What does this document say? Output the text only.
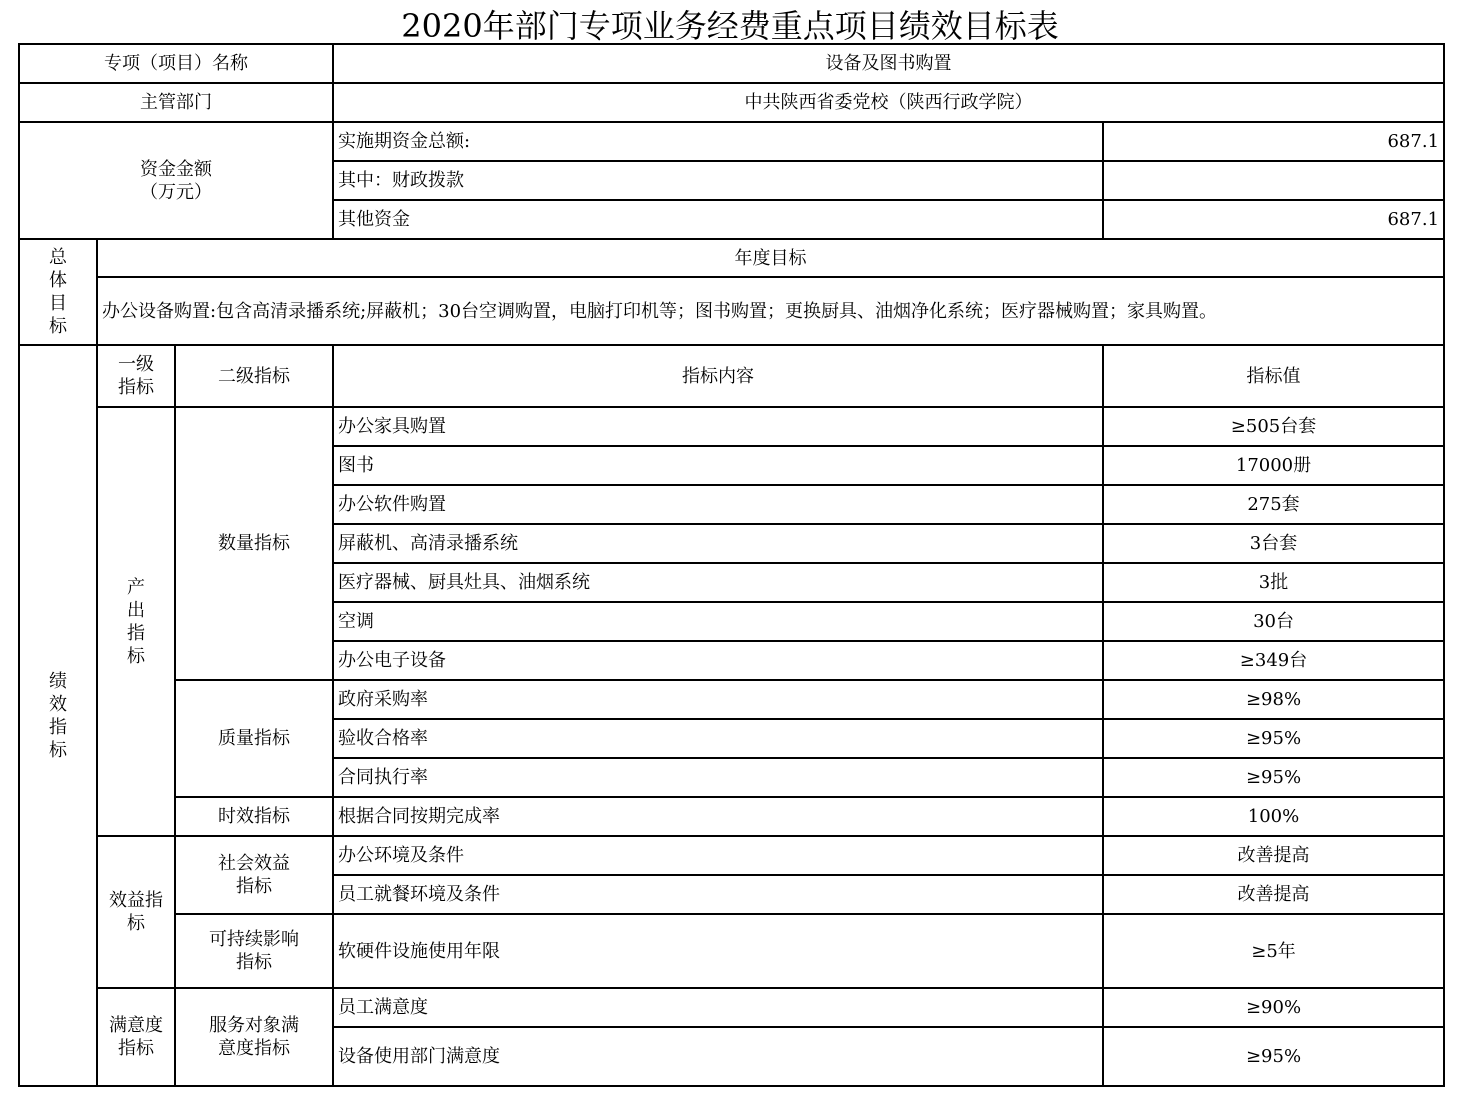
2020年部门专项业务经费重点项目绩效目标表
专项（项目）名称			设备及图书购置	
主管部门			中共陕西省委党校（陕西行政学院）	

资金金额
（万元）			实施期资金总额:	687.1
			其中：财政拨款	
			其他资金	687.1
总体目标	年度目标			
	办公设备购置:包含高清录播系统;屏蔽机；30台空调购置，电脑打印机等；图书购置；更换厨具、油烟净化系统；医疗器械购置；家具购置。			
绩效指标	一级指标	二级指标	指标内容	指标值
	产出指标	数量指标	办公家具购置	≥505台套
			图书	17000册
			办公软件购置	275套
			屏蔽机、高清录播系统	3台套
			医疗器械、厨具灶具、油烟系统	3批
			空调	30台
			办公电子设备	≥349台
		质量指标	政府采购率	≥98%
			验收合格率	≥95%
			合同执行率	≥95%
		时效指标	根据合同按期完成率	100%
	效益指标	社会效益指标	办公环境及条件	改善提高
			员工就餐环境及条件	改善提高
		可持续影响指标	软硬件设施使用年限	≥5年
	满意度指标	服务对象满意度指标	员工满意度	≥90%
			设备使用部门满意度	≥95%
